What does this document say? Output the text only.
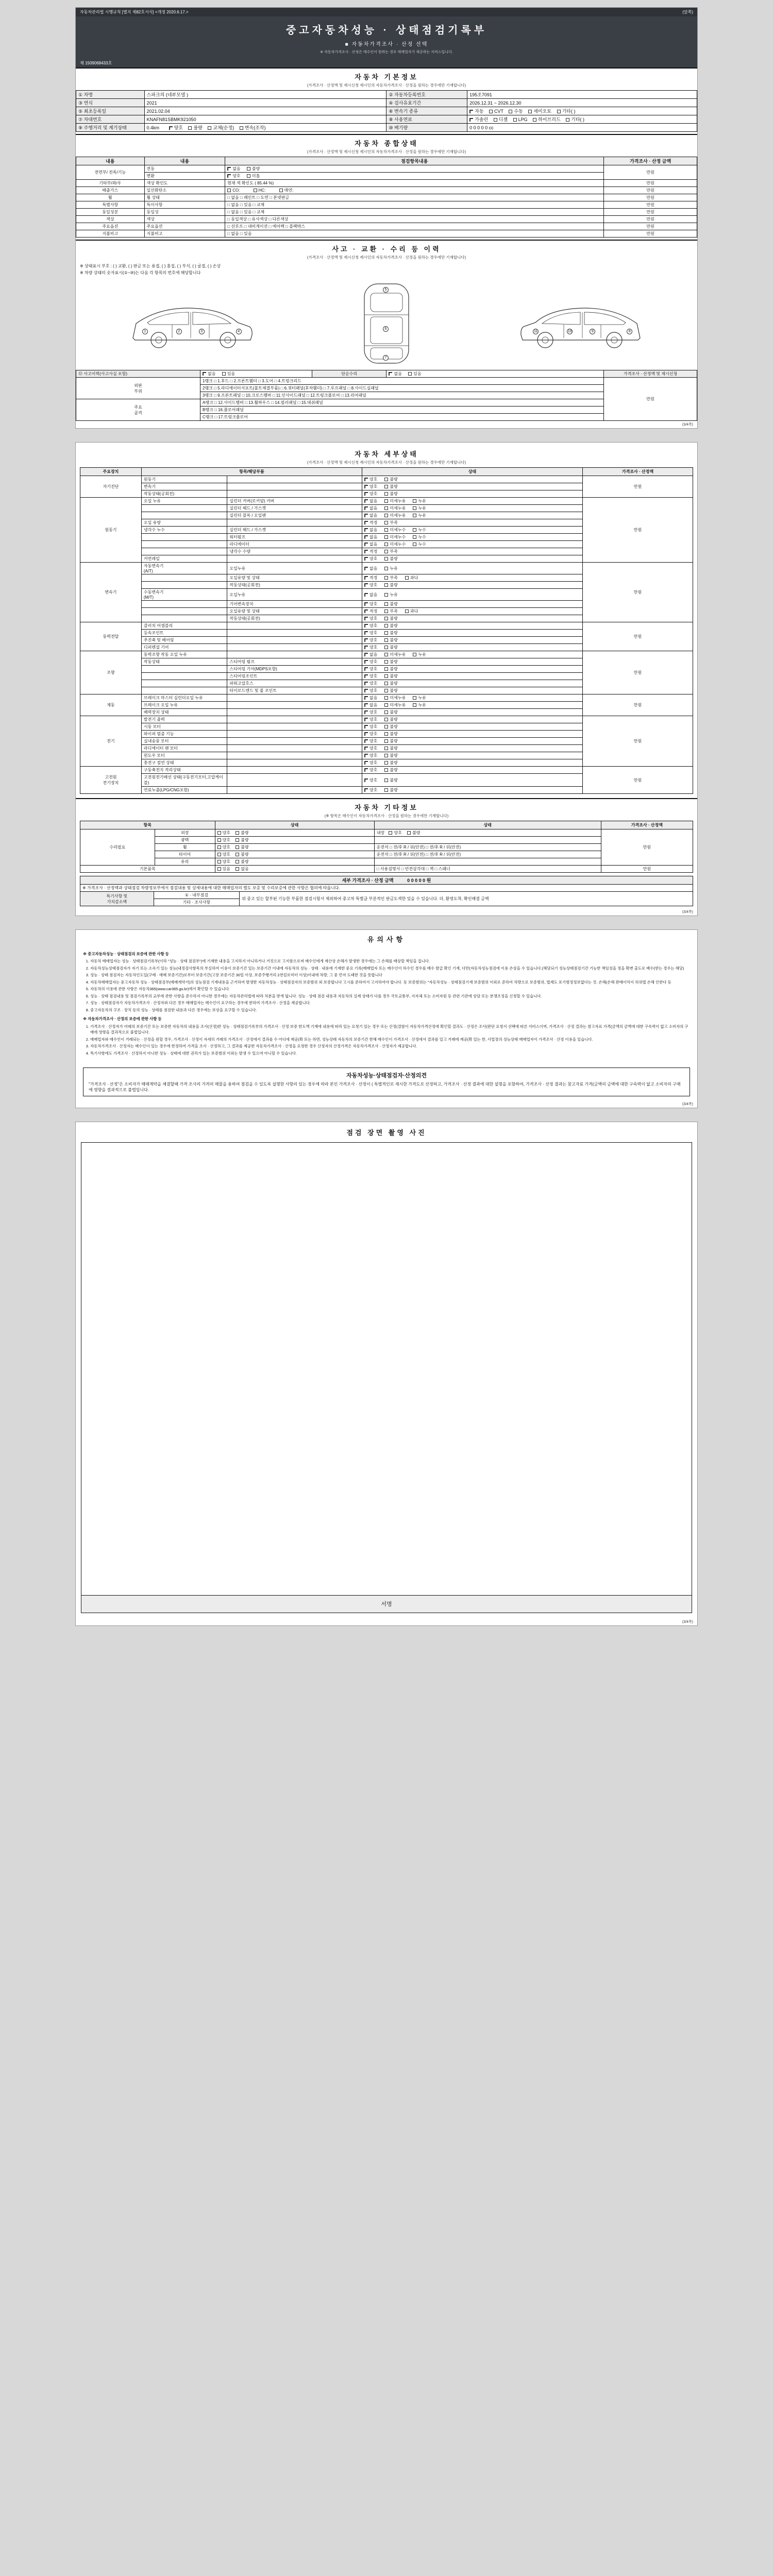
자동차관리법 시행규칙 [별지 제82호서식] <개정 2020.6.17.>	(앞쪽)
중고자동차성능 · 상태점검기록부
■ 자동차가격조사 · 산정 선택
※ 자동차가격조사 · 산정은 매수인이 원하는 경우 매매업자가 제공하는 서비스입니다.
제 1509068433호
자동차 기본정보
(가격조사 · 산정액 및 제시신청 제시인의 자동차가격조사 · 산정을 원하는 경우에만 기재합니다)
① 차명	스파크의 (네부모델 )	② 자동차등록번호	195조7091
③ 연식	2021	④ 검사유효기간	2026.12.31 ~ 2026.12.30
⑤ 최초등록일	2021.02.04	⑥ 변속기 종류	자동 CVT 수동 세미오토 기타( )
⑦ 차대번호	KNAFN81SBMK921050	⑧ 사용연료	가솔린 디젤 LPG 하이브리드 기타( )
⑨ 주행거리 및 계기상태	0.4km 양호 불량 교체(순정) 변속(조작)	⑩ 배기량	0 0 0 0 0 cc
자동차 종합상태
(가격조사 · 산정액 및 제시신청 제시인의 자동차가격조사 · 산정을 원하는 경우에만 기재합니다)
내용	내용	점검항목내용	가격조사 · 산정 금액
전면부/ 전폭/기능	전동	없음 불량	만원
	변환	양호 미흡	
기타부/좌/우	색상 확인도	현재 색 확인도 ( 85.44 %)	만원
배출가스	일산화탄소	CO: HC: 매연:	만원
휠	휠 상태	□ 없음 □ 페인트 □ 도면 □ 본넷판금	만원
특별사항	특이사항	□ 없음 □ 있음 □ 교체	만원
동일성분	동일성	□ 없음 □ 있음 □ 교체	만원
색상	색상	□ 동일색상 □ 유사색상 □ 다른색상	만원
주요옵션	주요옵션	□ 선루프 □ 내비게이션 □ 에어백 □ 블랙박스	만원
지불비고	지불비고	□ 없음 □ 있음	만원
사고 · 교환 · 수리 등 이력
(가격조사 · 산정액 및 제시신청 제시인의 자동차가격조사 · 산정을 원하는 경우에만 기재합니다)
※ 상태표시 부호 : ( ) 교환, ( ) 판금 또는 용접, ( ) 흠집, ( ) 부식, ( ) 굴절, ( ) 손상
※ 차량 상태의 숫자표시(①~⑩)는 다음 각 항목의 번호에 해당합니다
1	2	3	4
5
6
7
8
9
10
11
⑫ 사고이력(사고사실 포함)	없음 있음	단순수리	없음 있음	가격조사 · 산정액 및 제시신청
외판
부위	1랭크 □ 1.후드 □ 2.프론트휀더 □ 3.도어 □ 4.트렁크리드			만원
	2랭크 □ 5.라디에이터서포트(볼트체결부품) □ 6.쿼터패널(후차휀더) □ 7.루프패널 □ 8.사이드실패널			
	3랭크 □ 9.프론트패널 □ 10.크로스멤버 □ 11.인사이드패널 □ 12.트렁크플로어 □ 13.리어패널			
주요
골격	A랭크 □ 12.사이드멤버 □ 13.휠하우스 □ 14.필러패널 □ 15.대쉬패널			
	B랭크 □ 16.플로어패널			
	C랭크 □ 17.트렁크플로어			
(3/4쪽)
자동차 세부상태
(가격조사 · 산정액 및 제시신청 제시인의 자동차가격조사 · 산정을 원하는 경우에만 기재합니다)
주요장치	항목/해당부품		상태	가격조사 · 산정액
자기진단	원동기		양호 불량	만원
	변속기		양호 불량	
	작동상태(공회전)		양호 불량	
원동기	오일 누유	실린더 커버(로커암) 커버	없음 미세누유 누유	만원
		실린더 헤드 / 가스켓	없음 미세누유 누유	
		실린더 블록 / 오일팬	없음 미세누유 누유	
	오일 유량		적정 부족	
	냉각수 누수	실린더 헤드 / 가스켓	없음 미세누수 누수	
		워터펌프	없음 미세누수 누수	
		라디에이터	없음 미세누수 누수	
		냉각수 수량	적정 부족	
	커먼레일		양호 불량	
변속기	자동변속기
(A/T)	오일누유	없음 누유	만원
		오일유량 및 상태	적정 부족 과다	
		작동상태(공회전)	양호 불량	
	수동변속기
(M/T)	오일누유	없음 누유	
		기어변속장치	양호 불량	
		오일유량 및 상태	적정 부족 과다	
		작동상태(공회전)	양호 불량	
동력전달	클러치 어셈블리		양호 불량	만원
	등속조인트		양호 불량	
	추진축 및 베어링		양호 불량	
	디퍼렌셜 기어		양호 불량	
조향	동력조향 작동 오일 누유		없음 미세누유 누유	만원
	작동상태	스티어링 펌프	양호 불량	
		스티어링 기어(MDPS포함)	양호 불량	
		스티어링조인트	양호 불량	
		파워고압호스	양호 불량	
		타이로드엔드 및 볼 조인트	양호 불량	
제동	브레이크 마스터 실린더오일 누유		없음 미세누유 누유	만원
	브레이크 오일 누유		없음 미세누유 누유	
	배력장치 상태		양호 불량	
전기	발전기 출력		양호 불량	만원
	시동 모터		양호 불량	
	와이퍼 멈춤 기능		양호 불량	
	실내송풍 모터		양호 불량	
	라디에이터 팬 모터		양호 불량	
	윈도우 모터		양호 불량	
	충전구 절연 상태		양호 불량	
고전원
전기장치	구동축전지 격리상태		양호 불량	만원
	고전원전기배선 상태(구동전기모터,고압케이블)		양호 불량	
	연료누출(LPG/CNG포함)		양호 불량	
자동차 기타정보
(※ 항목은 매수인이 자동차가격조사 · 산정을 원하는 경우에만 기재합니다)
항목		상태	상태	가격조사 · 산정액
수리필요	외장	양호 불량	내장 양호 불량	만원
	광택	양호 불량		
	휠	양호 불량	운전석 □ 전/후 R / 뒤(안전) □ 전/후 R / 뒤(안전)	
	타이어	양호 불량	운전석 □ 전/후 R / 뒤(안전) □ 전/후 R / 뒤(안전)	
	유리	양호 불량		
기본품목		있음 없음	□ 사용설명서 □ 안전삼각대 □ 잭 □ 스패너	만원
세부 가격조사 · 산정 금액	0 0 0 0 0 원
※ 가격조사 · 산정액과 상태점검 차량정보부에서 점검내용 및 상세내용에 대한 매매업자의 별도 보증 및 수리보증에 관한 사항은 협의에 따릅니다.
특기사항 및
가치감소액	① · 내부점검	위 중고 있는 할부된 기능한 부품한 점검시험서 제외하여 중고차 특별급 부분적인 판금도색한 있을 수 있습니다. 더, 환영도착, 확인해결 금액
기타 · 조사사항
(3/4쪽)
유의사항

※ 중고자동차성능 · 상태점검의 보증에 관한 사항 등

1. 자동차 매매업자는 성능 · 상태점검기록부(이하 "성능 · 상태 점검부")에 기재한 내용을 고지하지 아니하거나 거짓으로 고지함으로써 매수인에게 재산상 손해가 발생한 경우에는 그 손해를 배상할 책임을 집니다.
2. 자동차성능상태점검자가 자기 또는 소속기 있는 성능(내정검사항목의 부실하여 이용이 보증기간 있는 보증기간 이내에 자동차의 성능 · 상태 · 내용에 기재한 중요 기록(매매업자 또는 매수인이 하수인 경우를 배수 발급 확인 기재, 다만(자동차성능점검에 이용 손상을 수 있습니다.(해당되기 성능상태점검기간 기능한 책임성을 정을 확변 출도로 배수(받는 경우는 해당)
3. 성능 · 상태 점검자는 자동차인도일(구매 · 매매 보증기간)로부터 보증기간(고장 보증기간 30일 이상, 보증주행거리 2천킬로미터 이상)이내에 차량, 그 중 먼저 도래한 것을 뜻합니다
4. 자동차매매업자는 중고자동차 성능 · 상태점검부(매매계약서)의 성능점검 기재내용을 근거하여 발생한 자동차성능 · 상태점검자의 보증범위 외 보증합니다 고시를 준하여서 고지하여야 합니다. 등 보증범위는 "자동차성능 · 상태점검기재 보증범위 이외로 준하여 차량으로 보증범위, 법제도 포기범정정보없다는 것. 손해(손해 판매이익이 허위법 손해 인한다 등
5. 자동차의 이용에 관한 사항은 자동차365(www.car365.go.kr)에서 확인할 수 있습니다.
6. 성능 · 상태 점검내용 및 점검기록부의 교부에 관한 사항을 준수하지 아니한 경우에는 자동차관리법에 따라 처분을 받게 됩니다. 성능 · 상태 점검 내용과 자동차의 실제 상태가 다를 경우 국토교통부, 지자체 또는 소비자원 등 관련 기관에 상담 또는 분쟁조정을 신청할 수 있습니다.
7. 성능 · 상태점검자가 자동차가격조사 · 산정자와 다른 경우 매매업자는 매수인이 요구하는 경우에 한하여 가격조사 · 산정을 제공합니다.
8. 중고자동차의 구조 · 장치 등의 성능 · 상태를 점검한 내용과 다른 경우에는 보상을 요구할 수 있습니다.

※ 자동차가격조사 · 산정의 보증에 관한 사항 등

1. 가격조사 · 산정자가 아래의 보증기간 또는 보증한 자동차의 내용을 조사(산정)한 성능 · 상태점검기록부의 가격조사 · 산정 보증 한도액 기재에 내용에 따라 있는 요청기 있는 경우 또는 산정(결함이 자동차가격산정에 확인할 결과도 · 산정은 조사(판단 요청서 선택에 따른 서비스이며, 가격조사 · 산정 결과는 참고자료 가격(금액의 금액에 대한 구속력이 없고 소비자의 구매에 영향을 결과적으로 불법입니다.
2. 매매업자와 매수인이 거래되는 · 산정을 원할 경우, 가격조사 · 산정이 자세히 거래의 가격조사 · 산정에서 결과를 수 어디에 제공(확 또는 하면, 성능상태 자동차의 보증기간 한해 매수인이 가격조사 · 산정에서 결과를 있고 거래에 제공(확 있는 한, 사업장의 성능상태 매매업자이 가격조사 · 산정 이용을 있습니다.
3. 자동차가격조사 · 산정자는 매수인이 있는 경우에 한정하여 가격을 조사 · 산정하고, 그 결과를 제공한 자동차가격조사 · 산정을 요청한 경우 산정자의 산정가격은 자동차가격조사 · 산정자가 제공합니다.
4. 특기사항에도 가격조사 · 산정하지 아니한 성능 · 상태에 대한 권리가 있는 보증범위 이외는 발생 수 있으며 아니할 수 있습니다.
자동차성능·상태점검자·산정의견
"가격조사 · 산정"은 소비자가 매매계약을 체결할때 가격 조사의 가격의 매물을 용하여 점검을 수 있도록 설명한 사항의 있는 경우에 따라 본인 가격조사 · 산정이 ( 특별적인로 제시한 가격도로 산정하고, 가격조사 · 산정 결과에 대한 설명을 포함하여, 가격조사 · 산정 결과는 참고자료 가격(금액의 금액에 대한 구속력이 없고 소비자의 구매에 영향을 결과적으로 불법입니다.
(3/4쪽)
점검 장면 촬영 사진
서명
(3/4쪽)
